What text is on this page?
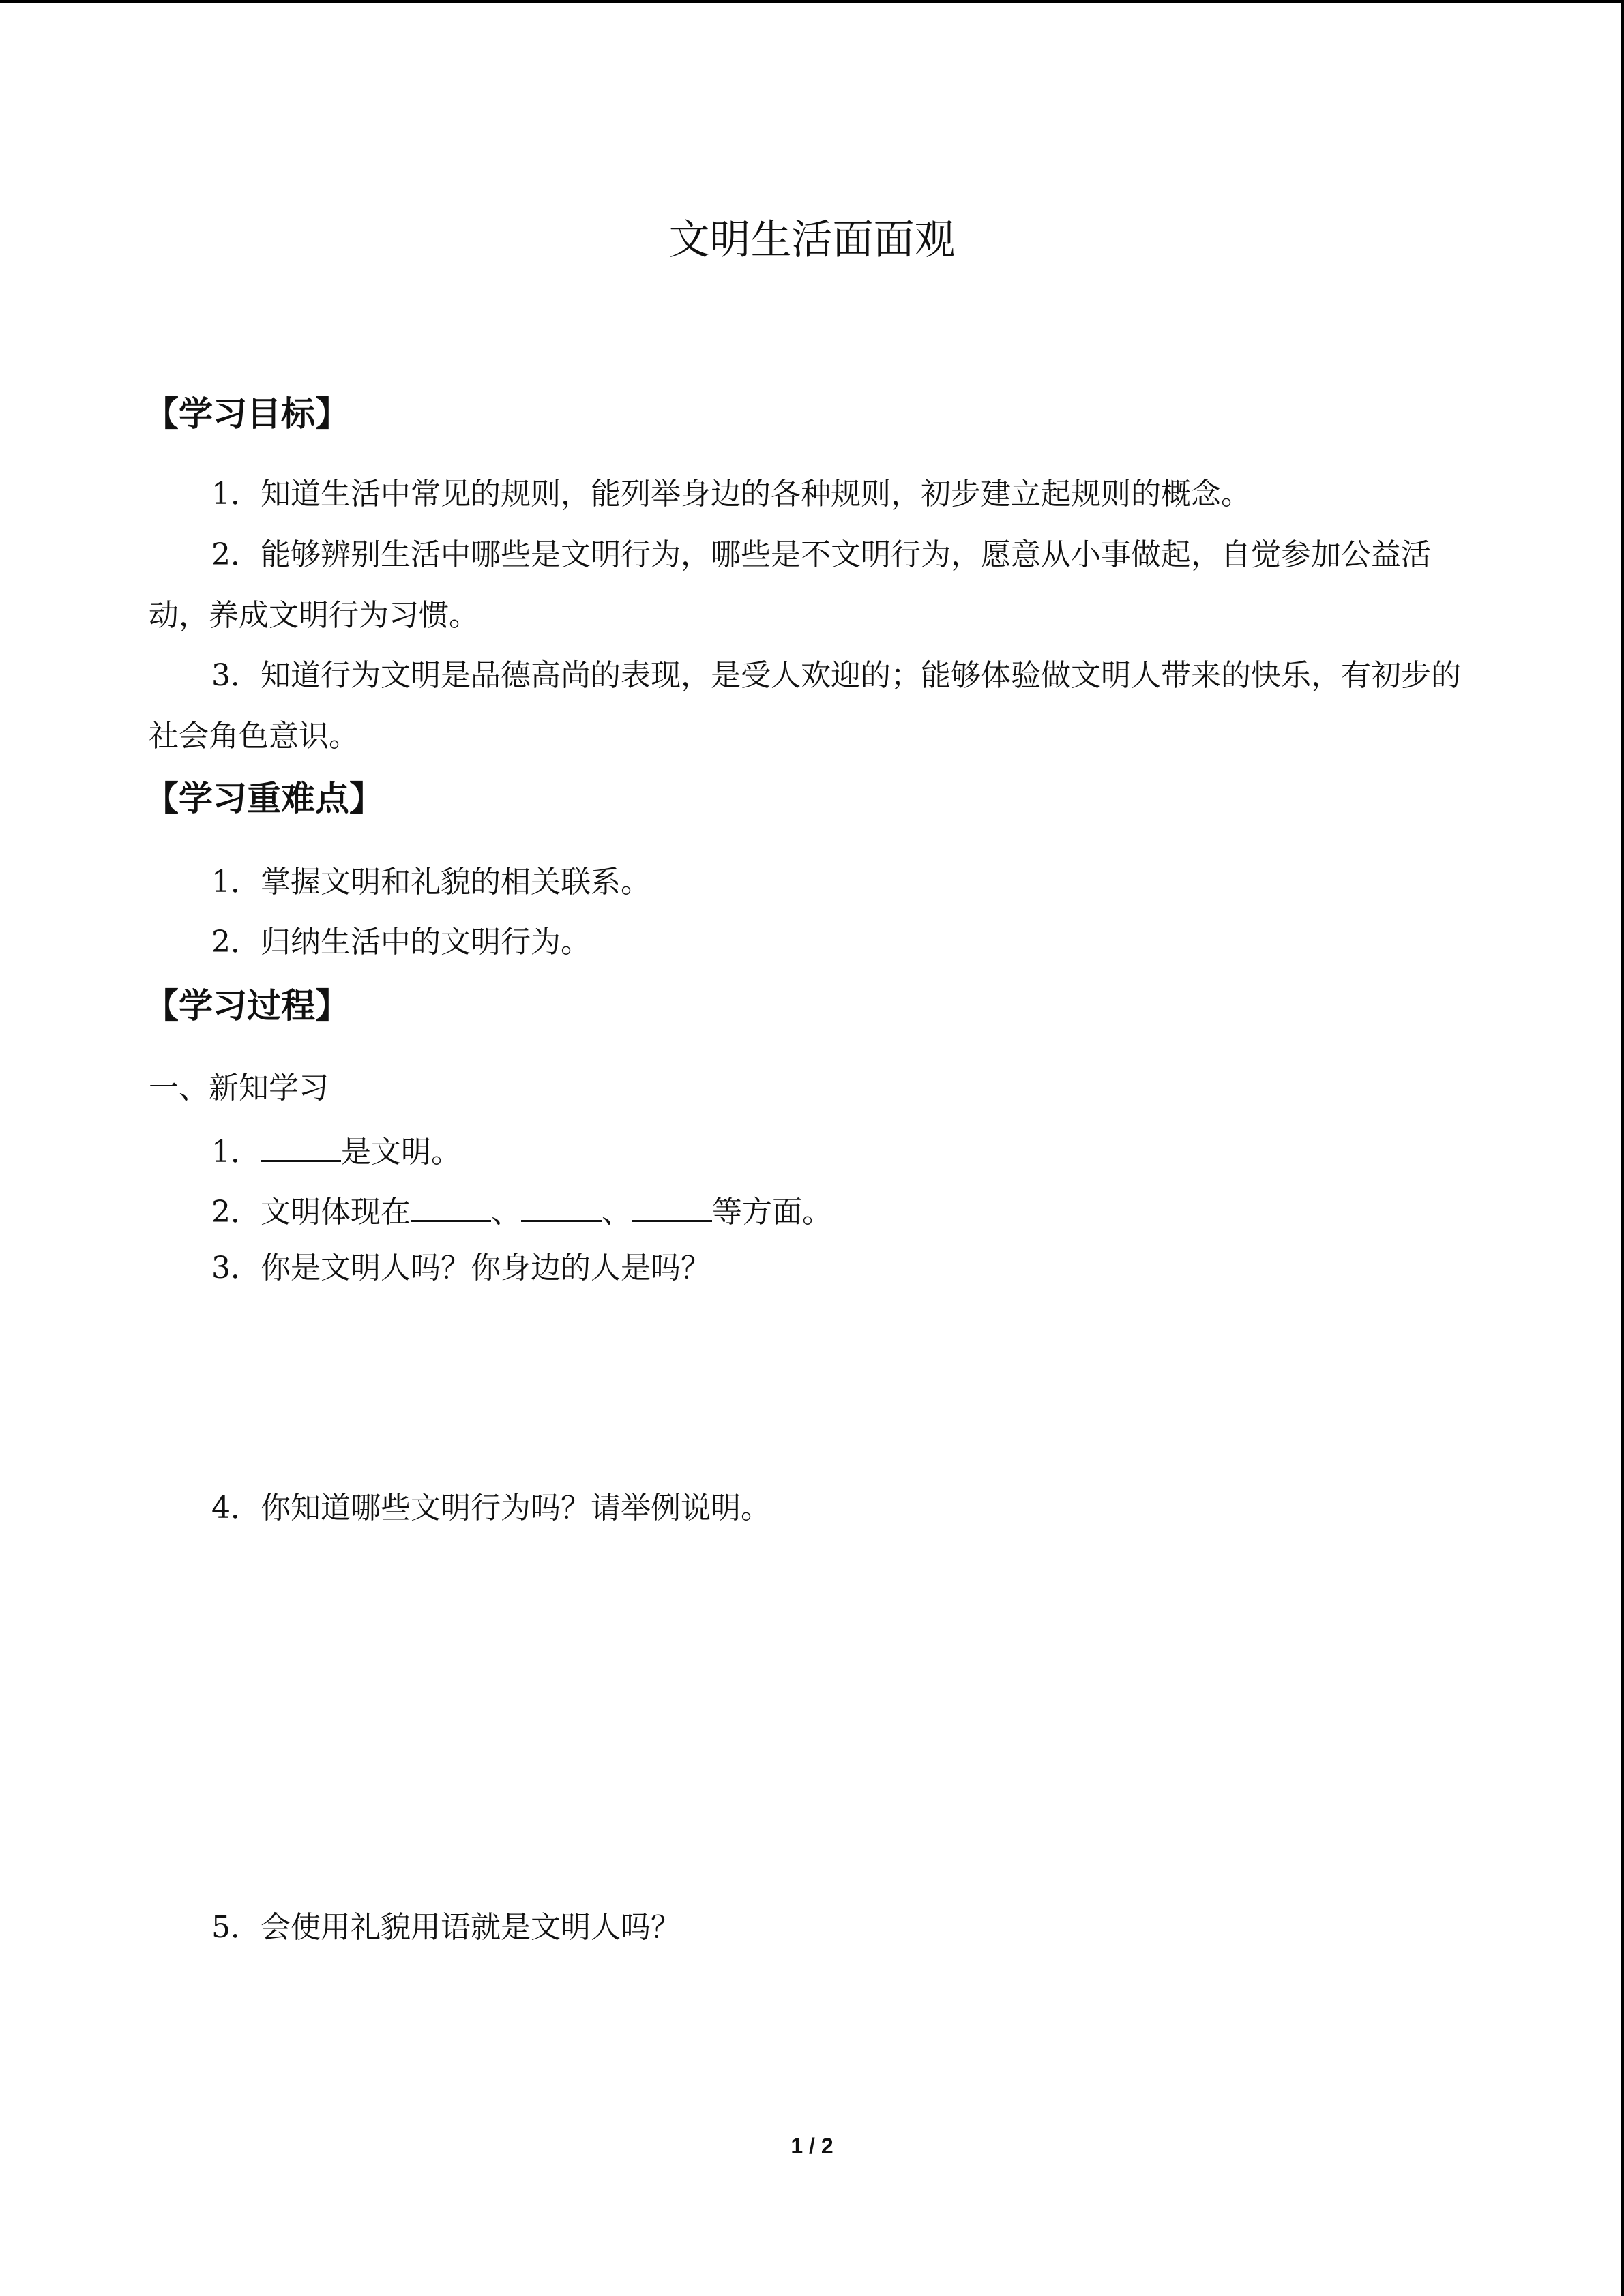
文明生活面面观
【学习目标】
1．知道生活中常见的规则，能列举身边的各种规则，初步建立起规则的概念。
2．能够辨别生活中哪些是文明行为，哪些是不文明行为，愿意从小事做起，自觉参加公益活动，养成文明行为习惯。
3．知道行为文明是品德高尚的表现，是受人欢迎的；能够体验做文明人带来的快乐，有初步的社会角色意识。
【学习重难点】
1．掌握文明和礼貌的相关联系。
2．归纳生活中的文明行为。
【学习过程】
一、新知学习
1．	是文明。
2．文明体现在	、	、	等方面。
3．你是文明人吗？你身边的人是吗？
4．你知道哪些文明行为吗？请举例说明。
5．会使用礼貌用语就是文明人吗？
1 / 2
